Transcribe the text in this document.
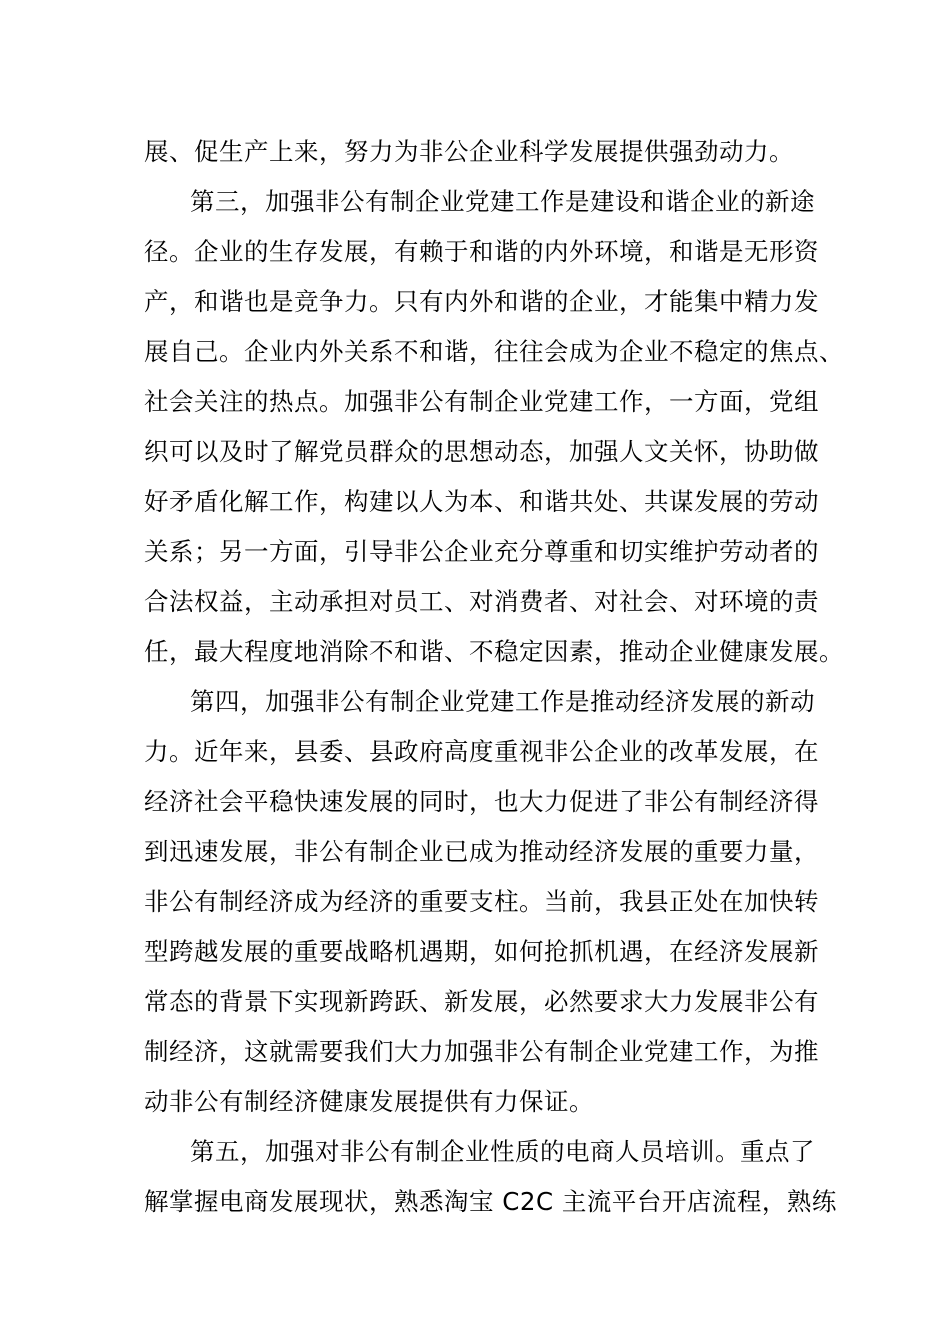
展、促生产上来，努力为非公企业科学发展提供强劲动力。
第三，加强非公有制企业党建工作是建设和谐企业的新途
径。企业的生存发展，有赖于和谐的内外环境，和谐是无形资
产，和谐也是竞争力。只有内外和谐的企业，才能集中精力发
展自己。企业内外关系不和谐，往往会成为企业不稳定的焦点、
社会关注的热点。加强非公有制企业党建工作，一方面，党组
织可以及时了解党员群众的思想动态，加强人文关怀，协助做
好矛盾化解工作，构建以人为本、和谐共处、共谋发展的劳动
关系；另一方面，引导非公企业充分尊重和切实维护劳动者的
合法权益，主动承担对员工、对消费者、对社会、对环境的责
任，最大程度地消除不和谐、不稳定因素，推动企业健康发展。
第四，加强非公有制企业党建工作是推动经济发展的新动
力。近年来，县委、县政府高度重视非公企业的改革发展，在
经济社会平稳快速发展的同时，也大力促进了非公有制经济得
到迅速发展，非公有制企业已成为推动经济发展的重要力量，
非公有制经济成为经济的重要支柱。当前，我县正处在加快转
型跨越发展的重要战略机遇期，如何抢抓机遇，在经济发展新
常态的背景下实现新跨跃、新发展，必然要求大力发展非公有
制经济，这就需要我们大力加强非公有制企业党建工作，为推
动非公有制经济健康发展提供有力保证。
第五，加强对非公有制企业性质的电商人员培训。重点了
解掌握电商发展现状，熟悉淘宝 C2C 主流平台开店流程，熟练
